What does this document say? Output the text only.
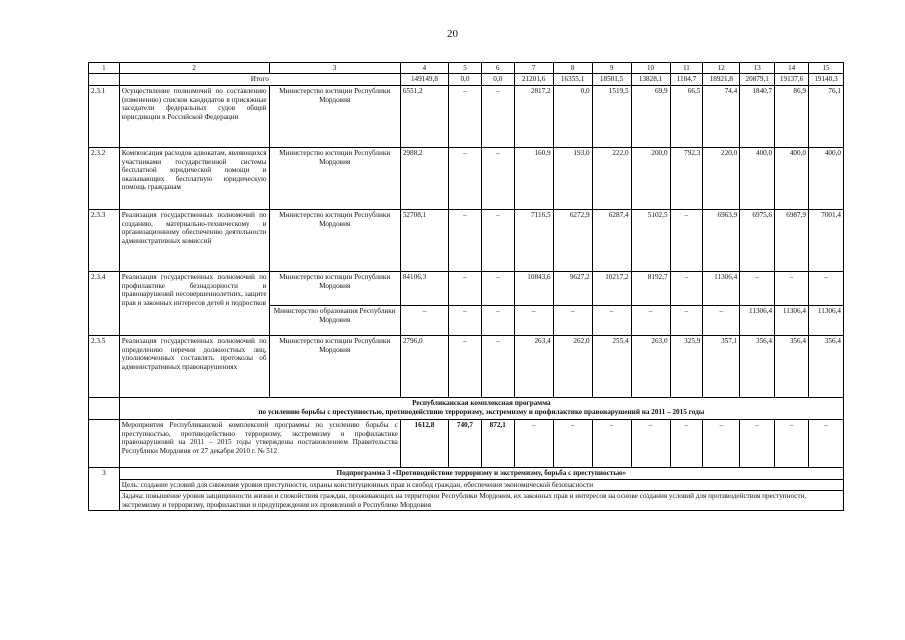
20
1	2	3	4	5	6	7	8	9	10	11	12	13	14	15
	Итого		149149,8	0,0	0,0	21201,6	16355,1	18501,5	13828,1	1184,7	18921,8	20879,1	19137,6	19140,3
2.3.1	Осуществление полномочий по составлению (изменению) списков кандидатов в присяжные заседатели федеральных судов общей юрисдикции в Российской Федерации	Министерство юстиции Республики Мордовия	6551,2	–	–	2817,2	0,0	1519,5	69,9	66,5	74,4	1840,7	86,9	76,1
2.3.2	Компенсация расходов адвокатам, являющихся участниками государственной системы бесплатной юридической помощи и оказывающих бесплатную юридическую помощь гражданам	Министерство юстиции Республики Мордовия	2988,2	–	–	160,9	193,0	222,0	200,0	792,3	220,0	400,0	400,0	400,0
2.3.3	Реализация государственных полномочий по созданию, материально-техническому и организационному обеспечению деятельности административных комиссий	Министерство юстиции Республики Мордовия	52708,1	–	–	7116,5	6272,9	6287,4	5102,5	–	6963,9	6975,6	6987,9	7001,4
2.3.4	Реализация государственных полномочий по профилактике безнадзорности и правонарушений несовершеннолетних, защите прав и законных интересов детей и подростков	Министерство юстиции Республики Мордовия	84106,3	–	–	10843,6	9627,2	10217,2	8192,7	–	11306,4	–	–	–
		Министерство образования Республики Мордовия	–	–	–	–	–	–	–	–	–	11306,4	11306,4	11306,4
2.3.5	Реализация государственных полномочий по определению перечня должностных лиц, уполномоченных составлять протоколы об административных правонарушениях	Министерство юстиции Республики Мордовия	2796,0	–	–	263,4	262,0	255,4	263,0	325,9	357,1	356,4	356,4	356,4

	Республиканская комплексная программа
по усилению борьбы с преступностью, противодействию терроризму, экстремизму и профилактике правонарушений на 2011 – 2015 годы													

	Мероприятия Республиканской комплексной программы по усилению борьбы с преступностью, противодействию терроризму, экстремизму и профилактике правонарушений на 2011 – 2015 годы утверждены постановлением Правительства Республики Мордовия от 27 декабря 2010 г. № 512		1612,8	740,7	872,1	–	–	–	–	–	–	–	–	–
3	Подпрограмма 3 «Противодействие терроризму и экстремизму, борьба с преступностью»													
	Цель: создание условий для снижения уровня преступности, охраны конституционных прав и свобод граждан, обеспечения экономической безопасности													
	Задача: повышение уровня защищенности жизни и спокойствия граждан, проживающих на территории Республики Мордовия, их законных прав и интересов на основе создания условий для противодействия преступности, экстремизму и терроризму, профилактики и предупреждения их проявлений в Республике Мордовия													
